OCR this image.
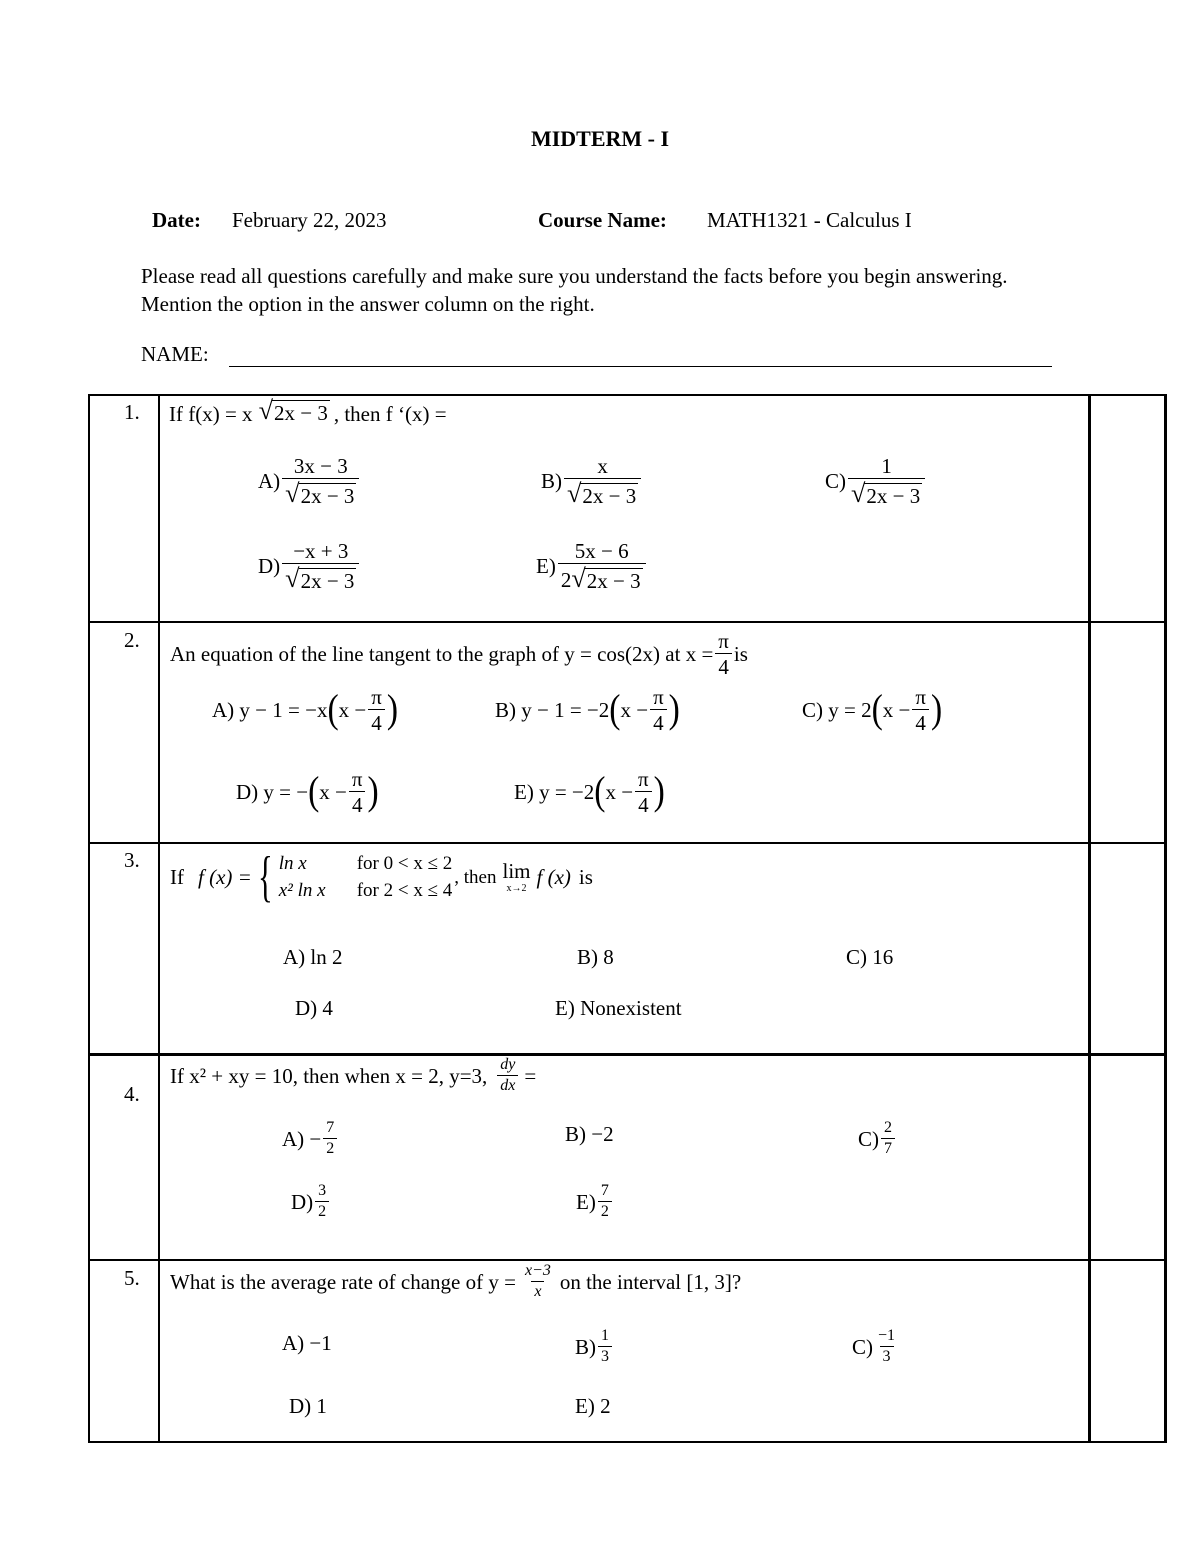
MIDTERM - I
Date: February 22, 2023	Course Name: MATH1321 - Calculus I
Please read all questions carefully and make sure you understand the facts before you begin answering. Mention the option in the answer column on the right.
NAME:
1. If f(x) = x √ 2x − 3 , then f ‘(x) =
$A) \frac{3x - 3}{√ 2x - 3}$	$B) \frac{x}{√ 2x - 3}$	$C) \frac{1}{√ 2x - 3}$
$D) \frac{-x + 3}{√ 2x - 3}$	$E) \frac{5x - 6}{2 √ 2x - 3}$
2.
An equation of the line tangent to the graph of y = cos(2x) at $x = \frac{\pi}{4}$ is
A) y − 1 = −x ( $x - \frac{\pi}{4}$ )	B) y − 1 = −2 ( $x - \frac{\pi}{4}$ )	C) y = 2 ( $x - \frac{\pi}{4}$ )
D) y = − ( $x - \frac{\pi}{4}$ )	E) y = −2 ( $x - \frac{\pi}{4}$ )
3.
If f (x) = { ln x	for 0 < x ≤ 2
x² ln x for 2 < x ≤ 4
, then lim
x→2 f (x) is
A) ln 2	B) 8	C) 16
D) 4	E) Nonexistent
4.
If x² + xy = 10, then when x = 2, y=3, $\frac{dy}{dx}$ =
$A) - \frac{7}{2}$	B) −2	$C) \frac{2}{7}$
$D) \frac{3}{2}$	$E) \frac{7}{2}$
5. What is the average rate of change of $y = \frac{x-3}{x}$ on the interval [1, 3]?
A) −1	$B) \frac{1}{3}$	$C) \frac{-1}{3}$
D) 1	E) 2
